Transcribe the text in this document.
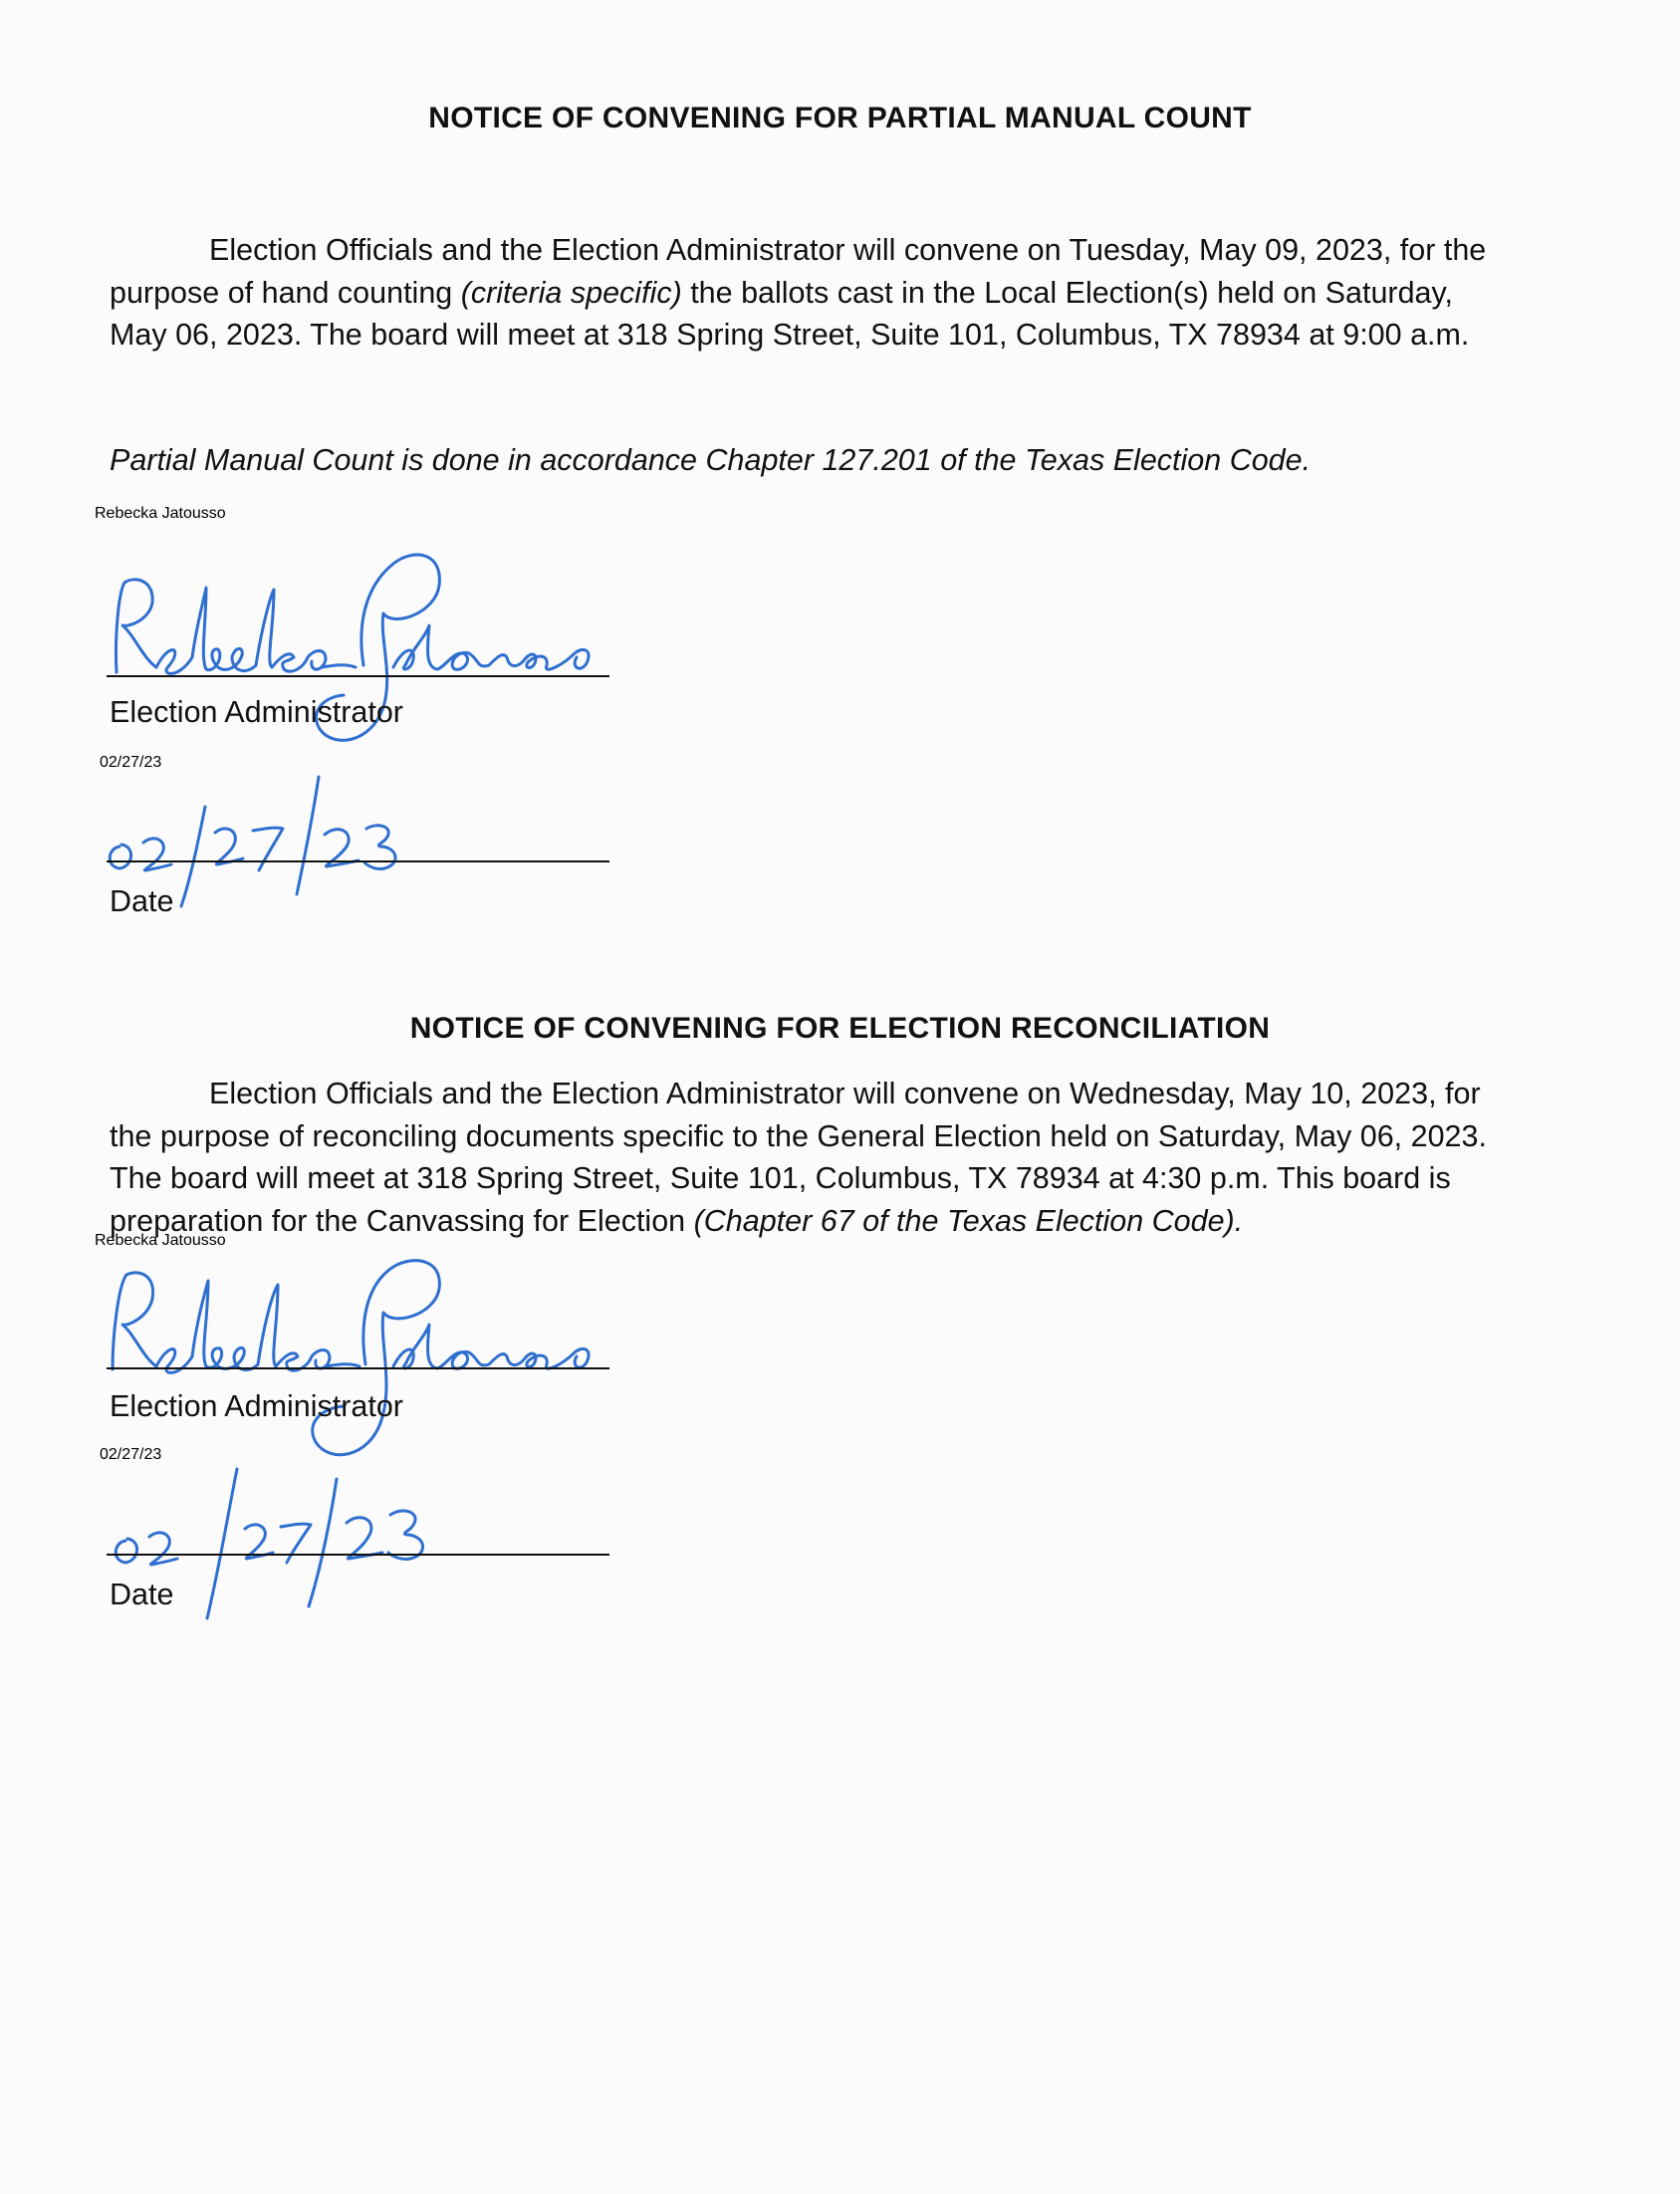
NOTICE OF CONVENING FOR PARTIAL MANUAL COUNT
Election Officials and the Election Administrator will convene on Tuesday, May 09, 2023, for the
purpose of hand counting (criteria specific) the ballots cast in the Local Election(s) held on Saturday,
May 06, 2023. The board will meet at 318 Spring Street, Suite 101, Columbus, TX 78934 at 9:00 a.m.
Partial Manual Count is done in accordance Chapter 127.201 of the Texas Election Code.
Rebecka Jatousso
Election Administrator
02/27/23
Date
NOTICE OF CONVENING FOR ELECTION RECONCILIATION
Election Officials and the Election Administrator will convene on Wednesday, May 10, 2023, for
the purpose of reconciling documents specific to the General Election held on Saturday, May 06, 2023.
The board will meet at 318 Spring Street, Suite 101, Columbus, TX 78934 at 4:30 p.m. This board is
preparation for the Canvassing for Election (Chapter 67 of the Texas Election Code).
Rebecka Jatousso
Election Administrator
02/27/23
Date
